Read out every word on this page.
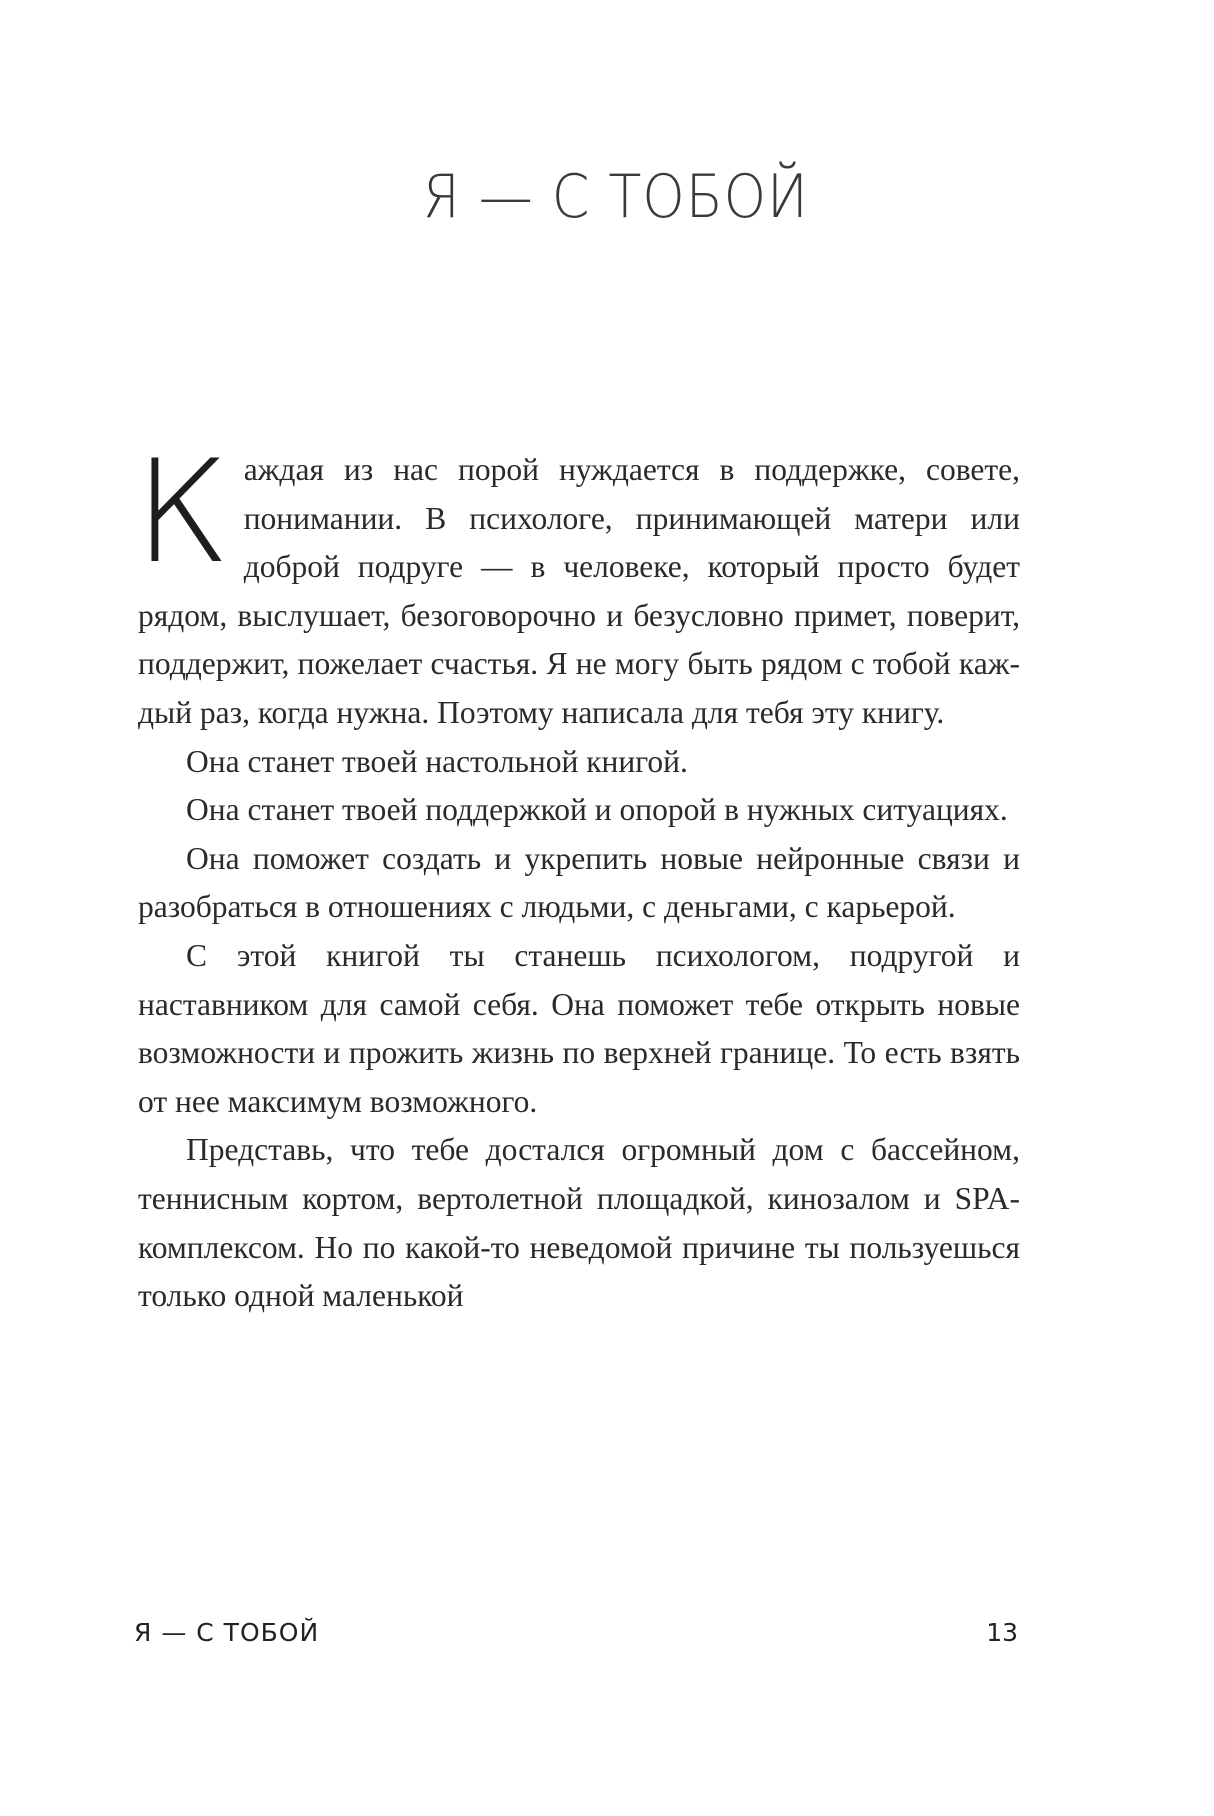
Я — С ТОБОЙ

Каждая из нас порой нуждается в поддержке, совете, понимании. В психологе, принимающей матери или доброй подруге — в человеке, который просто будет рядом, выслушает, безоговорочно и безусловно примет, поверит, поддержит, пожелает счастья. Я не могу быть рядом с тобой каждый раз, когда нужна. Поэтому написала для тебя эту книгу.

Она станет твоей настольной книгой.

Она станет твоей поддержкой и опорой в нужных ситуациях.

Она поможет создать и укрепить новые нейронные связи и разобраться в отношениях с людьми, с деньгами, с карьерой.

С этой книгой ты станешь психологом, подругой и наставником для самой себя. Она поможет тебе открыть новые возможности и прожить жизнь по верхней границе. То есть взять от нее максимум возможного.

Представь, что тебе достался огромный дом с бассейном, теннисным кортом, вертолетной площадкой, кинозалом и SPA-комплексом. Но по какой-то неведомой причине ты пользуешься только одной маленькой

Я — С ТОБОЙ	13
